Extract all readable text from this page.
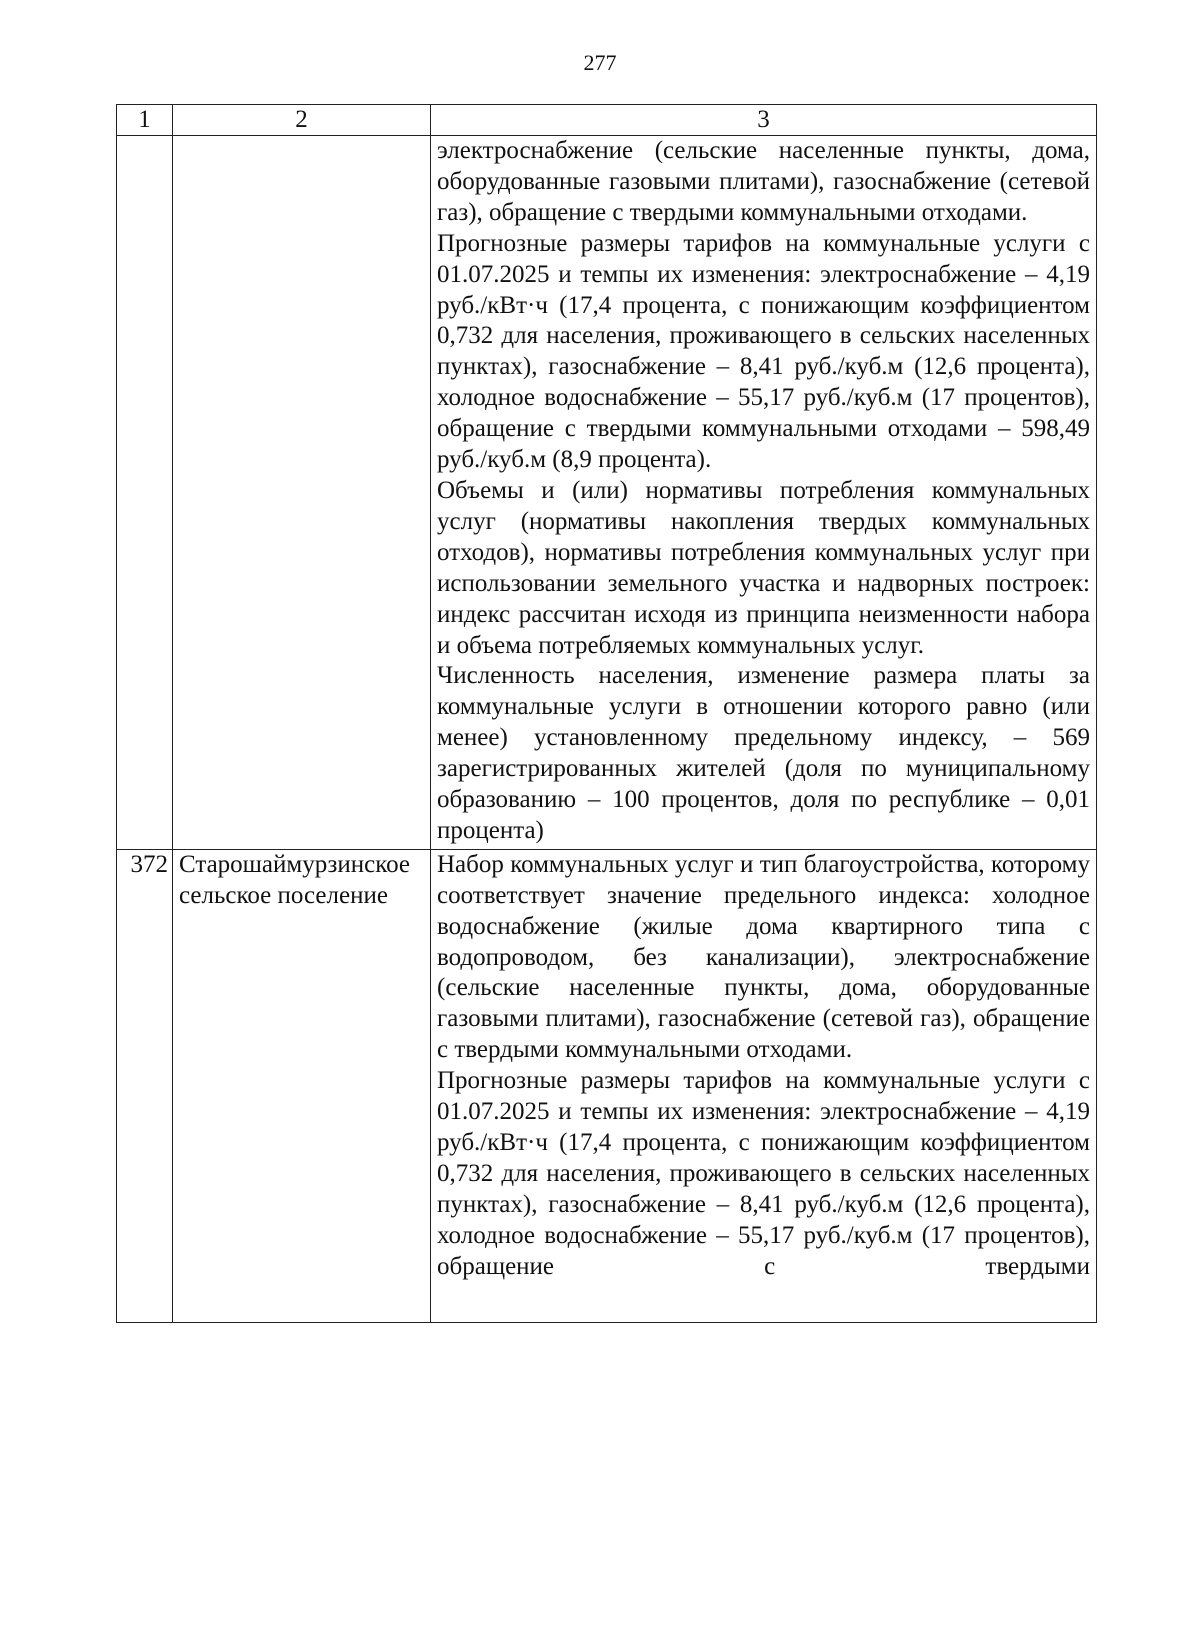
277
1	2	3

		электроснабжение (сельские населенные пункты, дома, оборудованные газовыми плитами), газоснабжение (сетевой газ), обращение с твердыми коммунальными отходами.

Прогнозные размеры тарифов на коммунальные услуги с 01.07.2025 и темпы их изменения: электроснабжение – 4,19 руб./кВт·ч (17,4 процента, с понижающим коэффициентом 0,732 для населения, проживающего в сельских населенных пунктах), газоснабжение – 8,41 руб./куб.м (12,6 процента), холодное водоснабжение – 55,17 руб./куб.м (17 процентов), обращение с твердыми коммунальными отходами – 598,49 руб./куб.м (8,9 процента).

Объемы и (или) нормативы потребления коммунальных услуг (нормативы накопления твердых коммунальных отходов), нормативы потребления коммунальных услуг при использовании земельного участка и надворных построек: индекс рассчитан исходя из принципа неизменности набора и объема потребляемых коммунальных услуг.

Численность населения, изменение размера платы за коммунальные услуги в отношении которого равно (или менее) установленному предельному индексу, – 569 зарегистрированных жителей (доля по муниципальному образованию – 100 процентов, доля по республике – 0,01 процента)

372	Старошаймурзинское сельское поселение	Набор коммунальных услуг и тип благоустройства, которому соответствует значение предельного индекса: холодное водоснабжение (жилые дома квартирного типа с водопроводом, без канализации), электроснабжение (сельские населенные пункты, дома, оборудованные газовыми плитами), газоснабжение (сетевой газ), обращение с твердыми коммунальными отходами.

Прогнозные размеры тарифов на коммунальные услуги с 01.07.2025 и темпы их изменения: электроснабжение – 4,19 руб./кВт·ч (17,4 процента, с понижающим коэффициентом 0,732 для населения, проживающего в сельских населенных пунктах), газоснабжение – 8,41 руб./куб.м (12,6 процента), холодное водоснабжение – 55,17 руб./куб.м (17 процентов), обращение с твердыми
